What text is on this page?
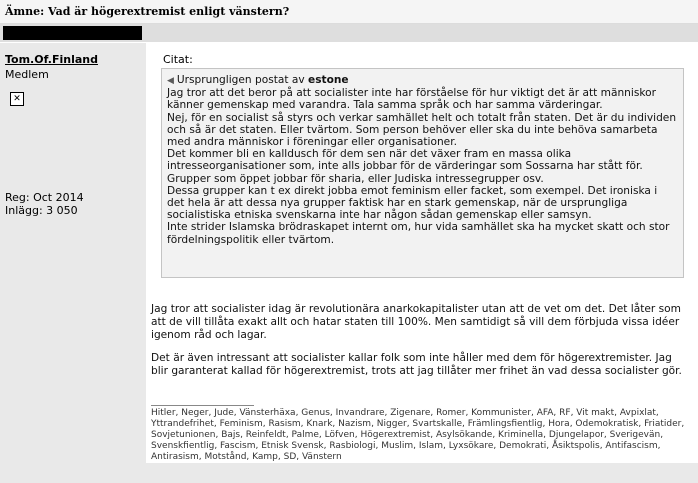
Ämne: Vad är högerextremist enligt vänstern?
Tom.Of.Finland
Medlem
✕
Reg: Oct 2014
Inlägg: 3 050
Citat:
◀ Ursprungligen postat av estone

Jag tror att det beror på att socialister inte har förståelse för hur viktigt det är att människor känner gemenskap med varandra. Tala samma språk och har samma värderingar.

Nej, för en socialist så styrs och verkar samhället helt och totalt från staten. Det är du individen och så är det staten. Eller tvärtom. Som person behöver eller ska du inte behöva samarbeta med andra människor i föreningar eller organisationer.

Det kommer bli en kalldusch för dem sen när det växer fram en massa olika intresseorganisationer som, inte alls jobbar för de värderingar som Sossarna har stått för. Grupper som öppet jobbar för sharia, eller Judiska intressegrupper osv.

Dessa grupper kan t ex direkt jobba emot feminism eller facket, som exempel. Det ironiska i det hela är att dessa nya grupper faktisk har en stark gemenskap, när de ursprungliga socialistiska etniska svenskarna inte har någon sådan gemenskap eller samsyn.

Inte strider Islamska brödraskapet internt om, hur vida samhället ska ha mycket skatt och stor fördelningspolitik eller tvärtom.

Jag tror att socialister idag är revolutionära anarkokapitalister utan att de vet om det. Det låter som att de vill tillåta exakt allt och hatar staten till 100%. Men samtidigt så vill dem förbjuda vissa idéer igenom råd och lagar.

Det är även intressant att socialister kallar folk som inte håller med dem för högerextremister. Jag blir garanterat kallad för högerextremist, trots att jag tillåter mer frihet än vad dessa socialister gör.

Hitler, Neger, Jude, Vänsterhäxa, Genus, Invandrare, Zigenare, Romer, Kommunister, AFA, RF, Vit makt, Avpixlat, Yttrandefrihet, Feminism, Rasism, Knark, Nazism, Nigger, Svartskalle, Främlingsfientlig, Hora, Odemokratisk, Friatider, Sovjetunionen, Bajs, Reinfeldt, Palme, Löfven, Högerextremist, Asylsökande, Kriminella, Djungelapor, Sverigevän, Svenskfientlig, Fascism, Etnisk Svensk, Rasbiologi, Muslim, Islam, Lyxsökare, Demokrati, Åsiktspolis, Antifascism, Antirasism, Motstånd, Kamp, SD, Vänstern
